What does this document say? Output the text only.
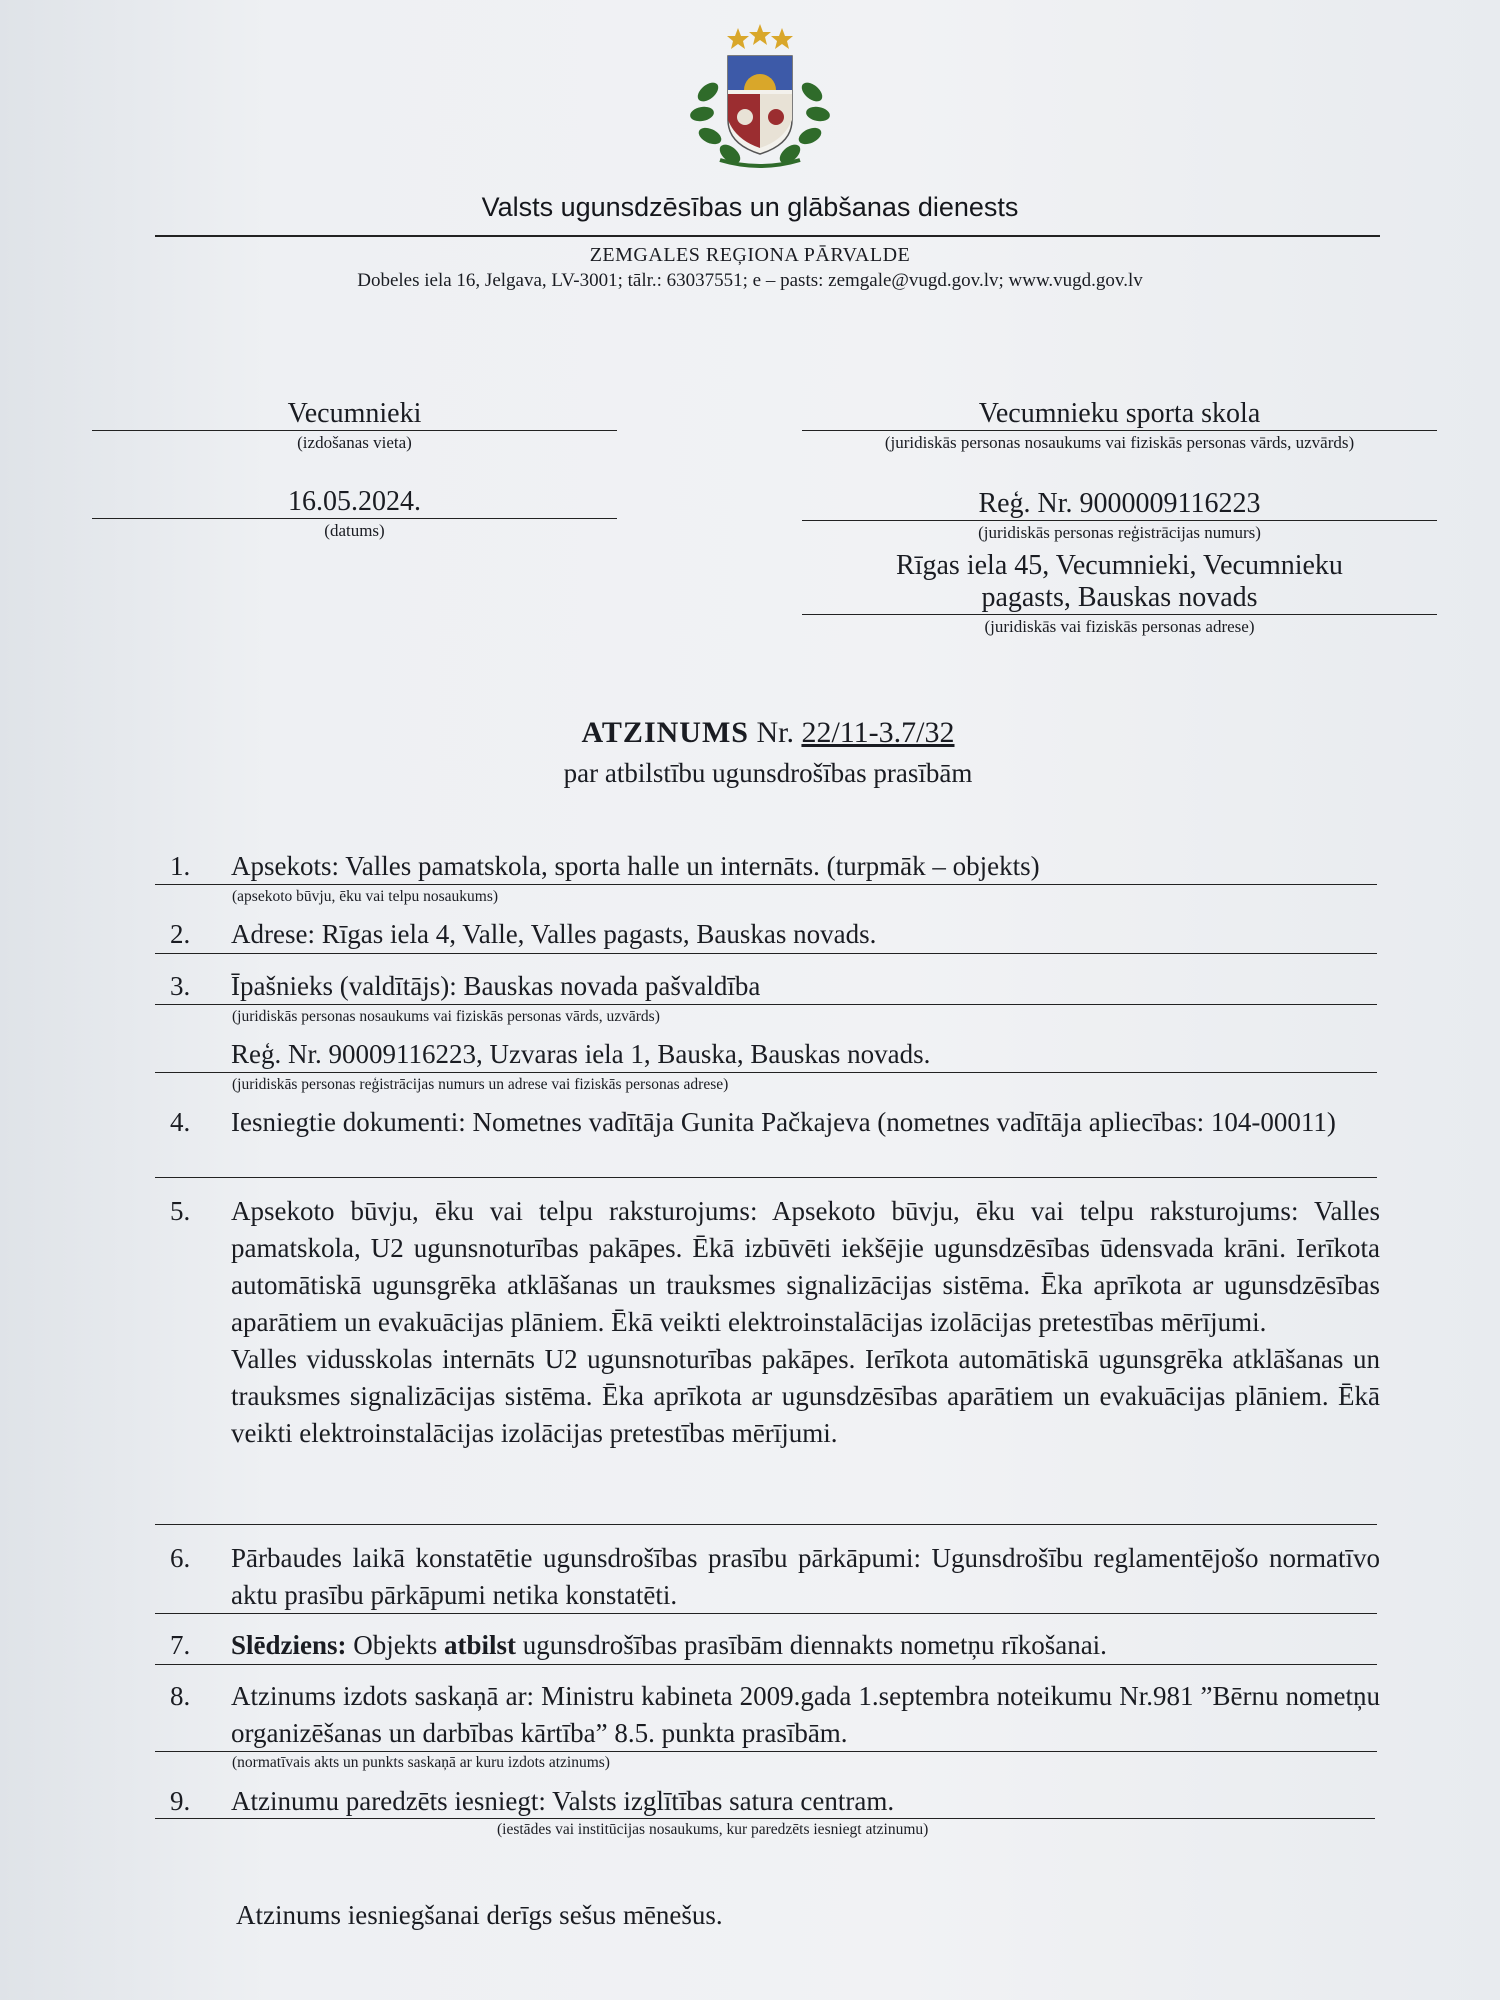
Valsts ugunsdzēsības un glābšanas dienests
ZEMGALES REĢIONA PĀRVALDE
Dobeles iela 16, Jelgava, LV-3001; tālr.: 63037551; e – pasts: zemgale@vugd.gov.lv; www.vugd.gov.lv
Vecumnieki
(izdošanas vieta)
16.05.2024.
(datums)
Vecumnieku sporta skola
(juridiskās personas nosaukums vai fiziskās personas vārds, uzvārds)
Reģ. Nr. 9000009116223
(juridiskās personas reģistrācijas numurs)
Rīgas iela 45, Vecumnieki, Vecumnieku
pagasts, Bauskas novads
(juridiskās vai fiziskās personas adrese)
ATZINUMS Nr. 22/11-3.7/32
par atbilstību ugunsdrošības prasībām
1. Apsekots: Valles pamatskola, sporta halle un internāts. (turpmāk – objekts)
(apsekoto būvju, ēku vai telpu nosaukums)
2. Adrese: Rīgas iela 4, Valle, Valles pagasts, Bauskas novads.
3. Īpašnieks (valdītājs): Bauskas novada pašvaldība
(juridiskās personas nosaukums vai fiziskās personas vārds, uzvārds)
Reģ. Nr. 90009116223, Uzvaras iela 1, Bauska, Bauskas novads.
(juridiskās personas reģistrācijas numurs un adrese vai fiziskās personas adrese)
4. Iesniegtie dokumenti: Nometnes vadītāja Gunita Pačkajeva (nometnes vadītāja apliecības: 104-00011)
5. Apsekoto būvju, ēku vai telpu raksturojums: Apsekoto būvju, ēku vai telpu raksturojums: Valles pamatskola, U2 ugunsnoturības pakāpes. Ēkā izbūvēti iekšējie ugunsdzēsības ūdensvada krāni. Ierīkota automātiskā ugunsgrēka atklāšanas un trauksmes signalizācijas sistēma. Ēka aprīkota ar ugunsdzēsības aparātiem un evakuācijas plāniem. Ēkā veikti elektroinstalācijas izolācijas pretestības mērījumi.
Valles vidusskolas internāts U2 ugunsnoturības pakāpes. Ierīkota automātiskā ugunsgrēka atklāšanas un trauksmes signalizācijas sistēma. Ēka aprīkota ar ugunsdzēsības aparātiem un evakuācijas plāniem. Ēkā veikti elektroinstalācijas izolācijas pretestības mērījumi.
6. Pārbaudes laikā konstatētie ugunsdrošības prasību pārkāpumi: Ugunsdrošību reglamentējošo normatīvo aktu prasību pārkāpumi netika konstatēti.
7. Slēdziens: Objekts atbilst ugunsdrošības prasībām diennakts nometņu rīkošanai.
8. Atzinums izdots saskaņā ar: Ministru kabineta 2009.gada 1.septembra noteikumu Nr.981 ”Bērnu nometņu organizēšanas un darbības kārtība” 8.5. punkta prasībām.
(normatīvais akts un punkts saskaņā ar kuru izdots atzinums)
9. Atzinumu paredzēts iesniegt: Valsts izglītības satura centram.
(iestādes vai institūcijas nosaukums, kur paredzēts iesniegt atzinumu)
Atzinums iesniegšanai derīgs sešus mēnešus.
